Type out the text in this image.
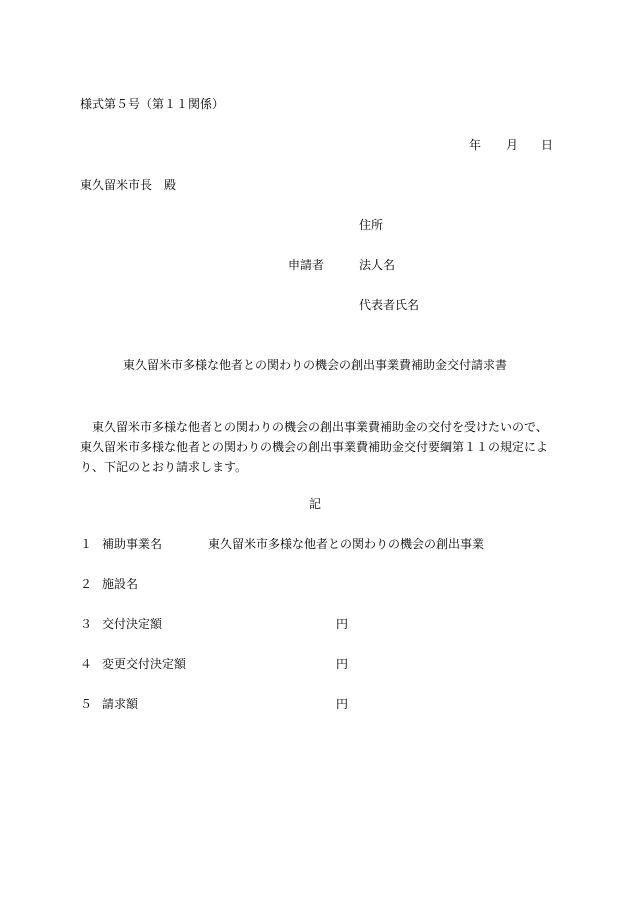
様式第５号（第１１関係）
年 月 日
東久留米市長　殿
住所
申請者	法人名
代表者氏名
東久留米市多様な他者との関わりの機会の創出事業費補助金交付請求書
東久留米市多様な他者との関わりの機会の創出事業費補助金の交付を受けたいので、東久留米市多様な他者との関わりの機会の創出事業費補助金交付要綱第１１の規定により、下記のとおり請求します。
記
１ 補助事業名	東久留米市多様な他者との関わりの機会の創出事業
２ 施設名
３ 交付決定額	円
４ 変更交付決定額	円
５ 請求額	円
